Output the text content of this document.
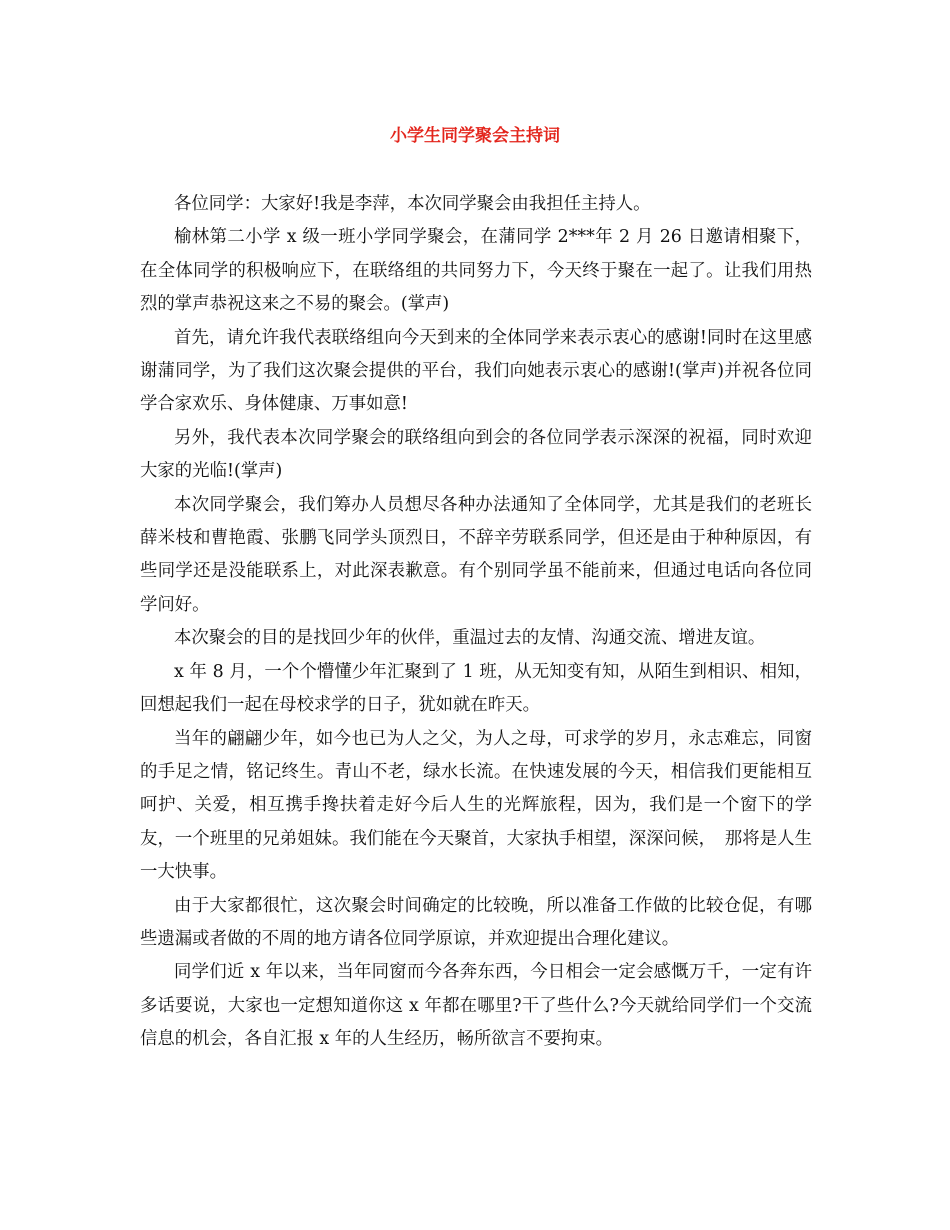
小学生同学聚会主持词

各位同学：大家好!我是李萍，本次同学聚会由我担任主持人。

榆林第二小学 x 级一班小学同学聚会，在蒲同学 2***年 2 月 26 日邀请相聚下，在全体同学的积极响应下，在联络组的共同努力下，今天终于聚在一起了。让我们用热烈的掌声恭祝这来之不易的聚会。(掌声)

首先，请允许我代表联络组向今天到来的全体同学来表示衷心的感谢!同时在这里感谢蒲同学，为了我们这次聚会提供的平台，我们向她表示衷心的感谢!(掌声)并祝各位同学合家欢乐、身体健康、万事如意!

另外，我代表本次同学聚会的联络组向到会的各位同学表示深深的祝福，同时欢迎大家的光临!(掌声)

本次同学聚会，我们筹办人员想尽各种办法通知了全体同学，尤其是我们的老班长薛米枝和曹艳霞、张鹏飞同学头顶烈日，不辞辛劳联系同学，但还是由于种种原因，有些同学还是没能联系上，对此深表歉意。有个别同学虽不能前来，但通过电话向各位同学问好。

本次聚会的目的是找回少年的伙伴，重温过去的友情、沟通交流、增进友谊。

x 年 8 月，一个个懵懂少年汇聚到了 1 班，从无知变有知，从陌生到相识、相知，回想起我们一起在母校求学的日子，犹如就在昨天。

当年的翩翩少年，如今也已为人之父，为人之母，可求学的岁月，永志难忘，同窗的手足之情，铭记终生。青山不老，绿水长流。在快速发展的今天，相信我们更能相互呵护、关爱，相互携手搀扶着走好今后人生的光辉旅程，因为，我们是一个窗下的学友，一个班里的兄弟姐妹。我们能在今天聚首，大家执手相望，深深问候，　那将是人生一大快事。

由于大家都很忙，这次聚会时间确定的比较晚，所以准备工作做的比较仓促，有哪些遗漏或者做的不周的地方请各位同学原谅，并欢迎提出合理化建议。

同学们近 x 年以来，当年同窗而今各奔东西，今日相会一定会感慨万千，一定有许多话要说，大家也一定想知道你这 x 年都在哪里?干了些什么?今天就给同学们一个交流信息的机会，各自汇报 x 年的人生经历，畅所欲言不要拘束。
